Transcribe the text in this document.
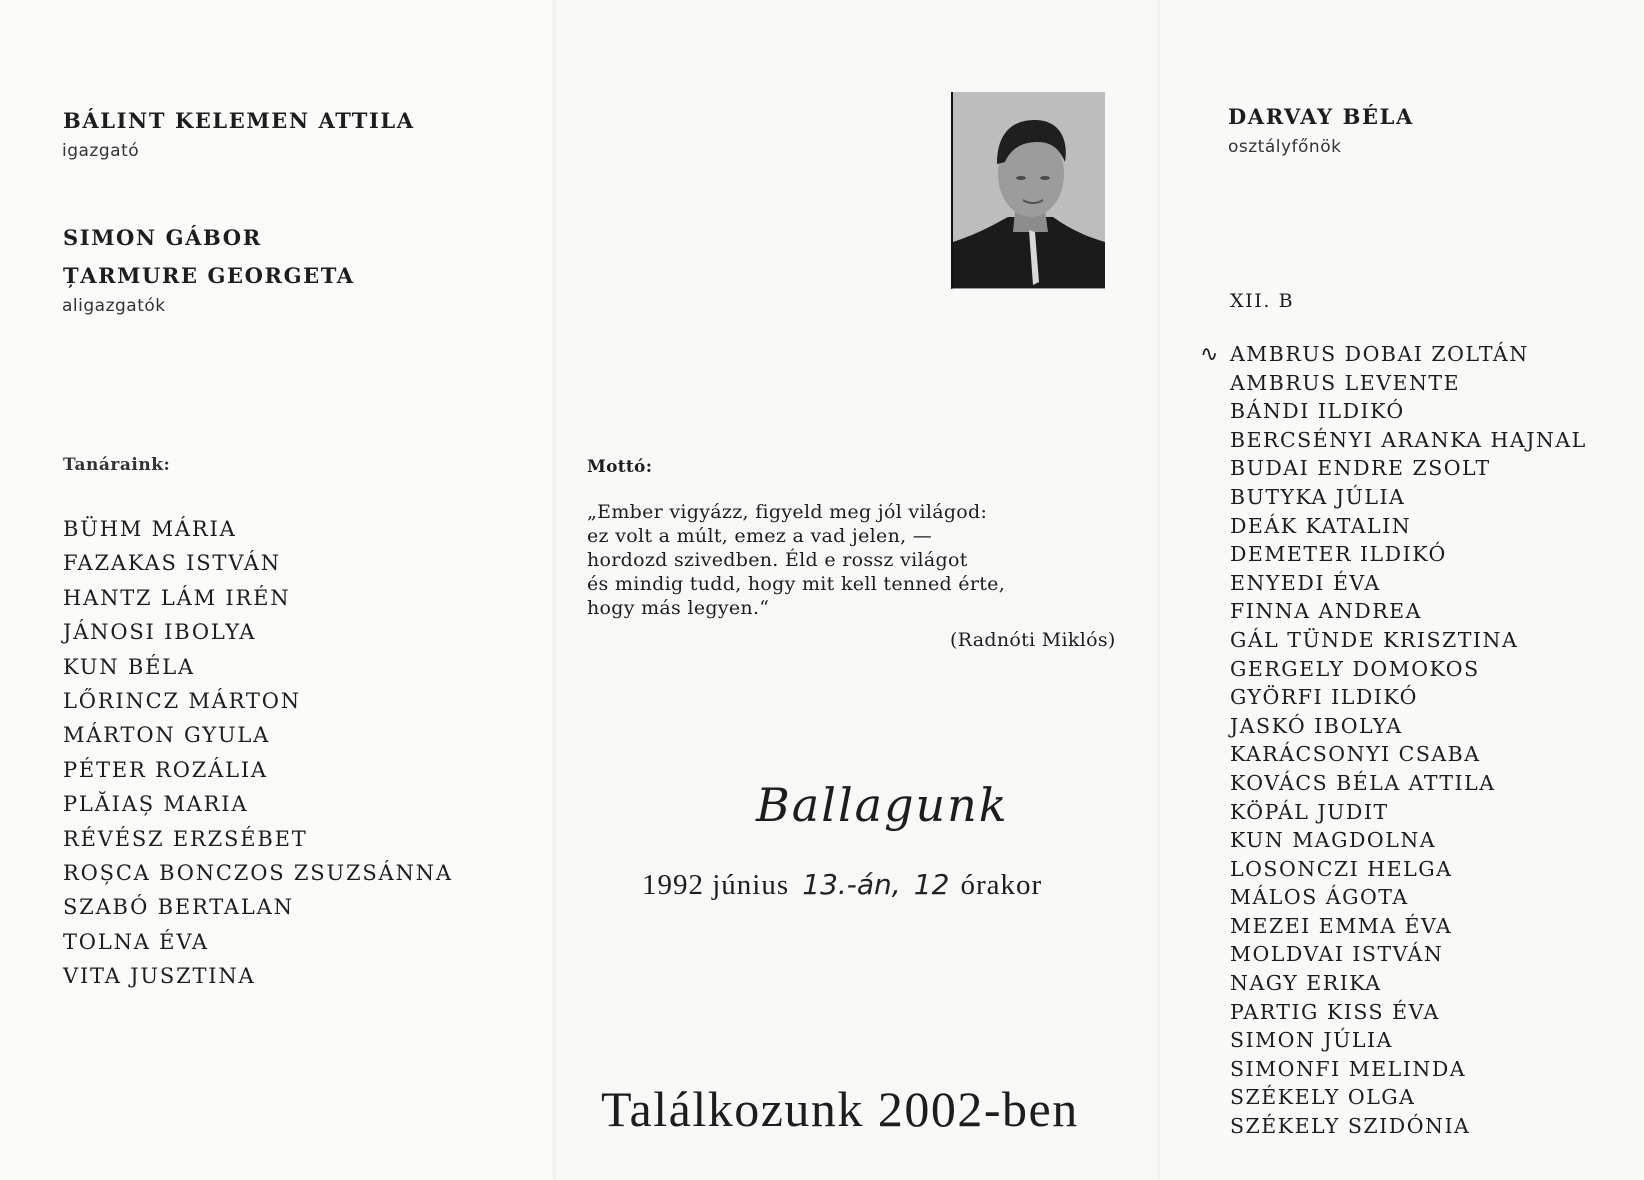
BÁLINT KELEMEN ATTILA
igazgató
SIMON GÁBOR
ȚARMURE GEORGETA
aligazgatók
Tanáraink:
BÜHM MÁRIA
FAZAKAS ISTVÁN
HANTZ LÁM IRÉN
JÁNOSI IBOLYA
KUN BÉLA
LŐRINCZ MÁRTON
MÁRTON GYULA
PÉTER ROZÁLIA
PLĂIAȘ MARIA
RÉVÉSZ ERZSÉBET
ROȘCA BONCZOS ZSUZSÁNNA
SZABÓ BERTALAN
TOLNA ÉVA
VITA JUSZTINA
Mottó:
„Ember vigyázz, figyeld meg jól világod:
ez volt a múlt, emez a vad jelen, —
hordozd szivedben. Éld e rossz világot
és mindig tudd, hogy mit kell tenned érte,
hogy más legyen.“
(Radnóti Miklós)
Ballagunk
1992 június 13.-án, 12 órakor
Találkozunk 2002-ben
DARVAY BÉLA
osztályfőnök
XII. B
∿ AMBRUS DOBAI ZOLTÁN
AMBRUS LEVENTE
BÁNDI ILDIKÓ
BERCSÉNYI ARANKA HAJNAL
BUDAI ENDRE ZSOLT
BUTYKA JÚLIA
DEÁK KATALIN
DEMETER ILDIKÓ
ENYEDI ÉVA
FINNA ANDREA
GÁL TÜNDE KRISZTINA
GERGELY DOMOKOS
GYÖRFI ILDIKÓ
JASKÓ IBOLYA
KARÁCSONYI CSABA
KOVÁCS BÉLA ATTILA
KÖPÁL JUDIT
KUN MAGDOLNA
LOSONCZI HELGA
MÁLOS ÁGOTA
MEZEI EMMA ÉVA
MOLDVAI ISTVÁN
NAGY ERIKA
PARTIG KISS ÉVA
SIMON JÚLIA
SIMONFI MELINDA
SZÉKELY OLGA
SZÉKELY SZIDÓNIA
